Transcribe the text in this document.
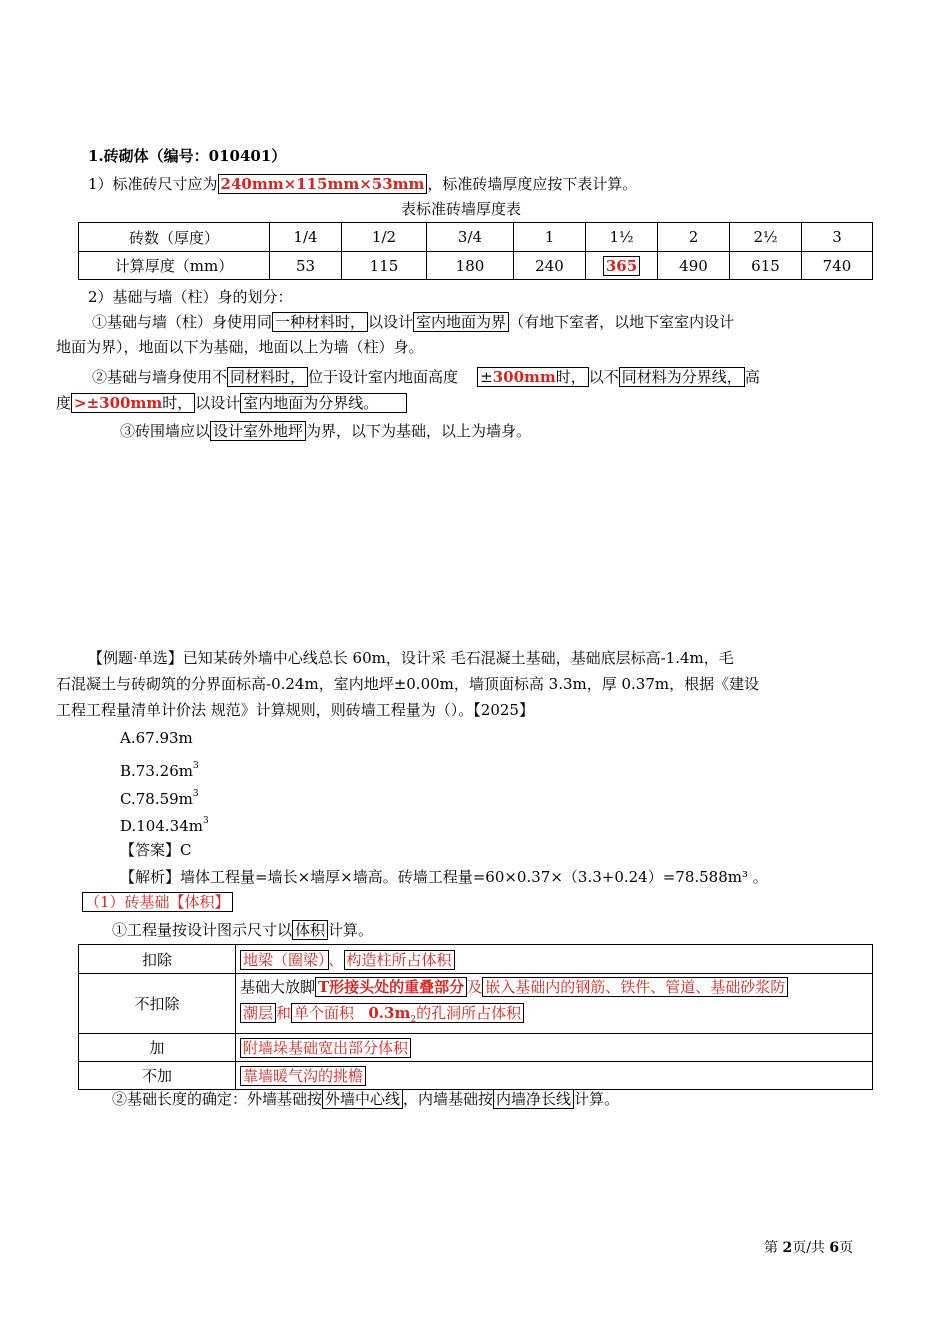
1.砖砌体（编号：010401）
1）标准砖尺寸应为 240mm×115mm×53mm ，标准砖墙厚度应按下表计算。
表标准砖墙厚度表
砖数（厚度）	1/4	1/2	3/4	1	1½	2	2½	3
计算厚度（mm）	53	115	180	240	365	490	615	740
2）基础与墙（柱）身的划分：
①基础与墙（柱）身使用同 一种材料时， 以设计 室内地面为界 （有地下室者，以地下室室内设计
地面为界），地面以下为基础，地面以上为墙（柱）身。
②基础与墙身使用不 同材料时， 位于设计室内地面高度 ±300mm时， 以不 同材料为分界线， 高
度 >±300mm时， 以设计 室内地面为分界线。
③砖围墙应以 设计室外地坪 为界，以下为基础，以上为墙身。
【例题·单选】已知某砖外墙中心线总长 60m，设计采 毛石混凝土基础，基础底层标高-1.4m，毛
石混凝土与砖砌筑的分界面标高-0.24m，室内地坪±0.00m，墙顶面标高 3.3m，厚 0.37m，根据《建设
工程工程量清单计价法 规范》计算规则，则砖墙工程量为（）。【2025】
A.67.93m
$B.73.26m^3$
$C.78.59m^3$
$D.104.34m^3$
【答案】C
【解析】墙体工程量=墙长×墙厚×墙高。砖墙工程量=60×0.37×（3.3+0.24）=78.588m³ 。
（1）砖基础【体积】
①工程量按设计图示尺寸以 体积 计算。
扣除	地梁（圈梁） 、 构造柱所占体积
不扣除	基础大放脚 T形接头处的重叠部分 及 嵌入基础内的钢筋、铁件、管道、基础砂浆防
潮层 和 单个面积 $0.3m_2$的孔洞所占体积
加	附墙垛基础宽出部分体积
不加	靠墙暖气沟的挑檐
②基础长度的确定：外墙基础按 外墙中心线 ，内墙基础按 内墙净长线 计算。
第 2页/共 6页
